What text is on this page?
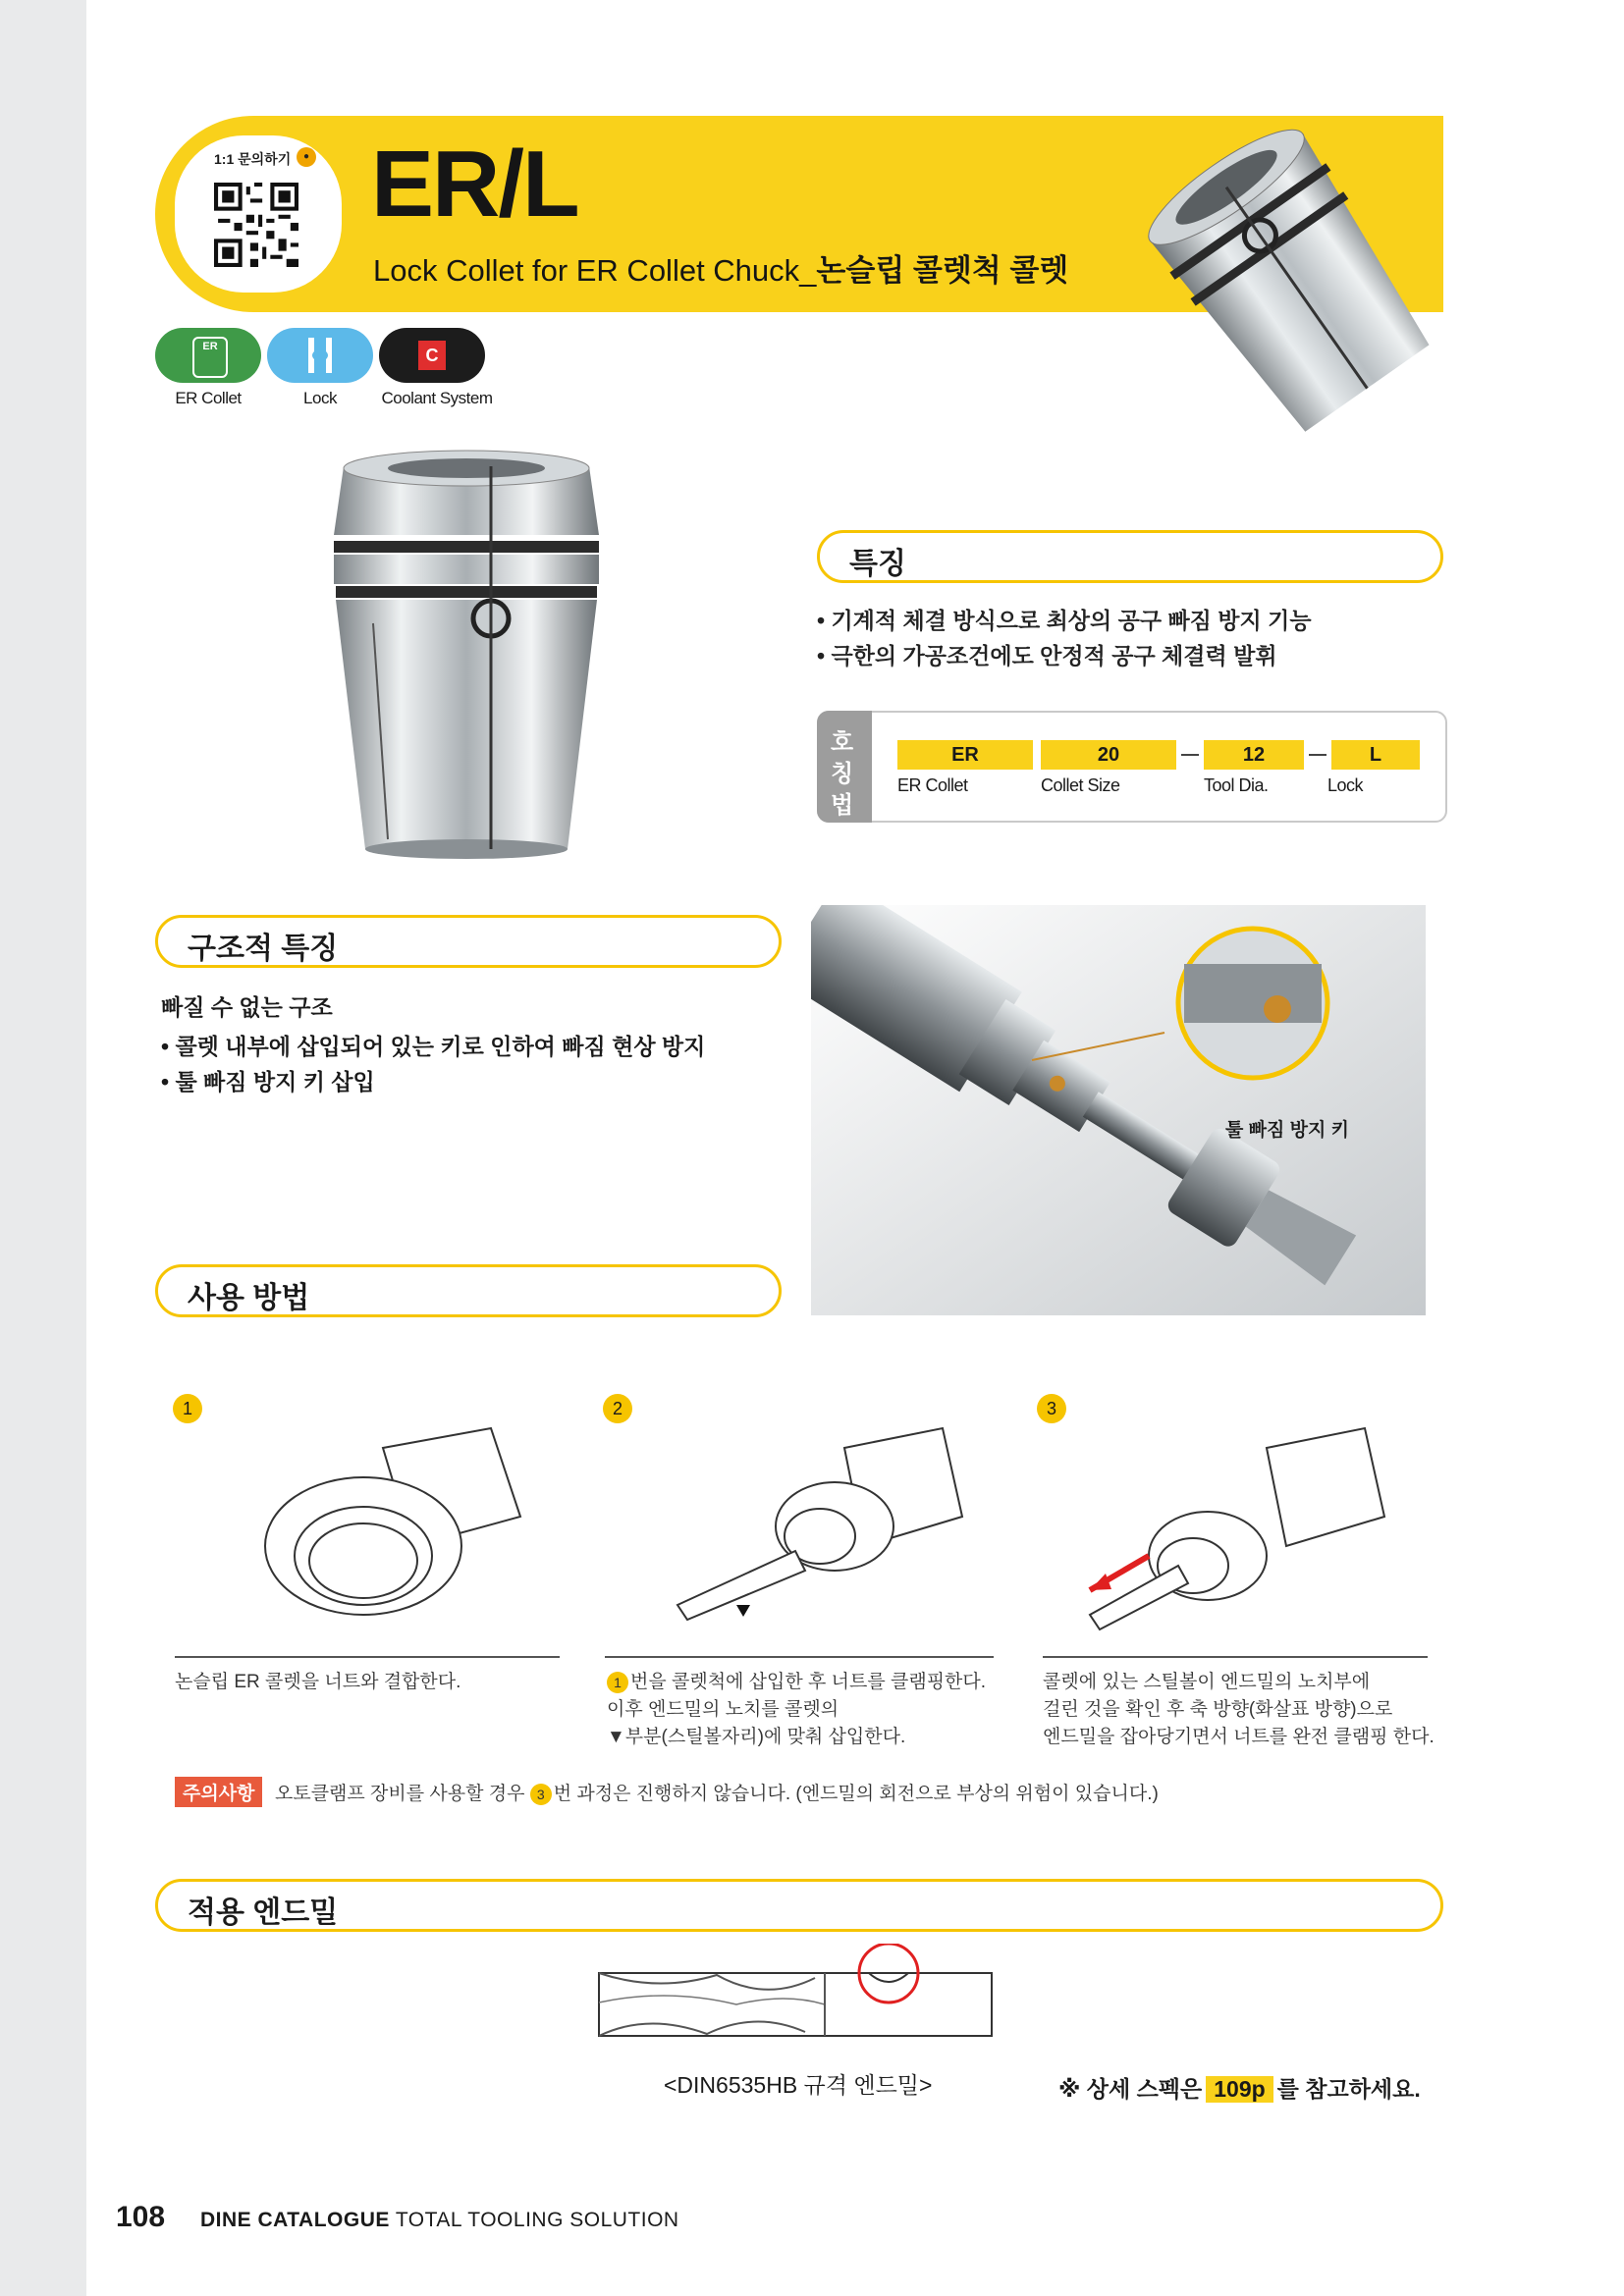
1:1 문의하기	● ER/L
Lock Collet for ER Collet Chuck_논슬립 콜렛척 콜렛
ER	C
ER Collet	Lock	Coolant System
특징
• 기계적 체결 방식으로 최상의 공구 빠짐 방지 기능
• 극한의 가공조건에도 안정적 공구 체결력 발휘
호
칭
법
ER	20	12	L
ER Collet	Collet Size	Tool Dia.	Lock
구조적 특징
빠질 수 없는 구조
• 콜렛 내부에 삽입되어 있는 키로 인하여 빠짐 현상 방지
• 툴 빠짐 방지 키 삽입
툴 빠짐 방지 키
사용 방법
1	2	3
논슬립 ER 콜렛을 너트와 결합한다.	1 번을 콜렛척에 삽입한 후 너트를 클램핑한다.
이후 엔드밀의 노치를 콜렛의
▼부분(스틸볼자리)에 맞춰 삽입한다.
콜렛에 있는 스틸볼이 엔드밀의 노치부에
걸린 것을 확인 후 축 방향(화살표 방향)으로
엔드밀을 잡아당기면서 너트를 완전 클램핑 한다.
주의사항	오토클램프 장비를 사용할 경우 3 번 과정은 진행하지 않습니다. (엔드밀의 회전으로 부상의 위험이 있습니다.)
적용 엔드밀
<DIN6535HB 규격 엔드밀>	※ 상세 스펙은 109p 를 참고하세요.
108 DINE CATALOGUE TOTAL TOOLING SOLUTION
